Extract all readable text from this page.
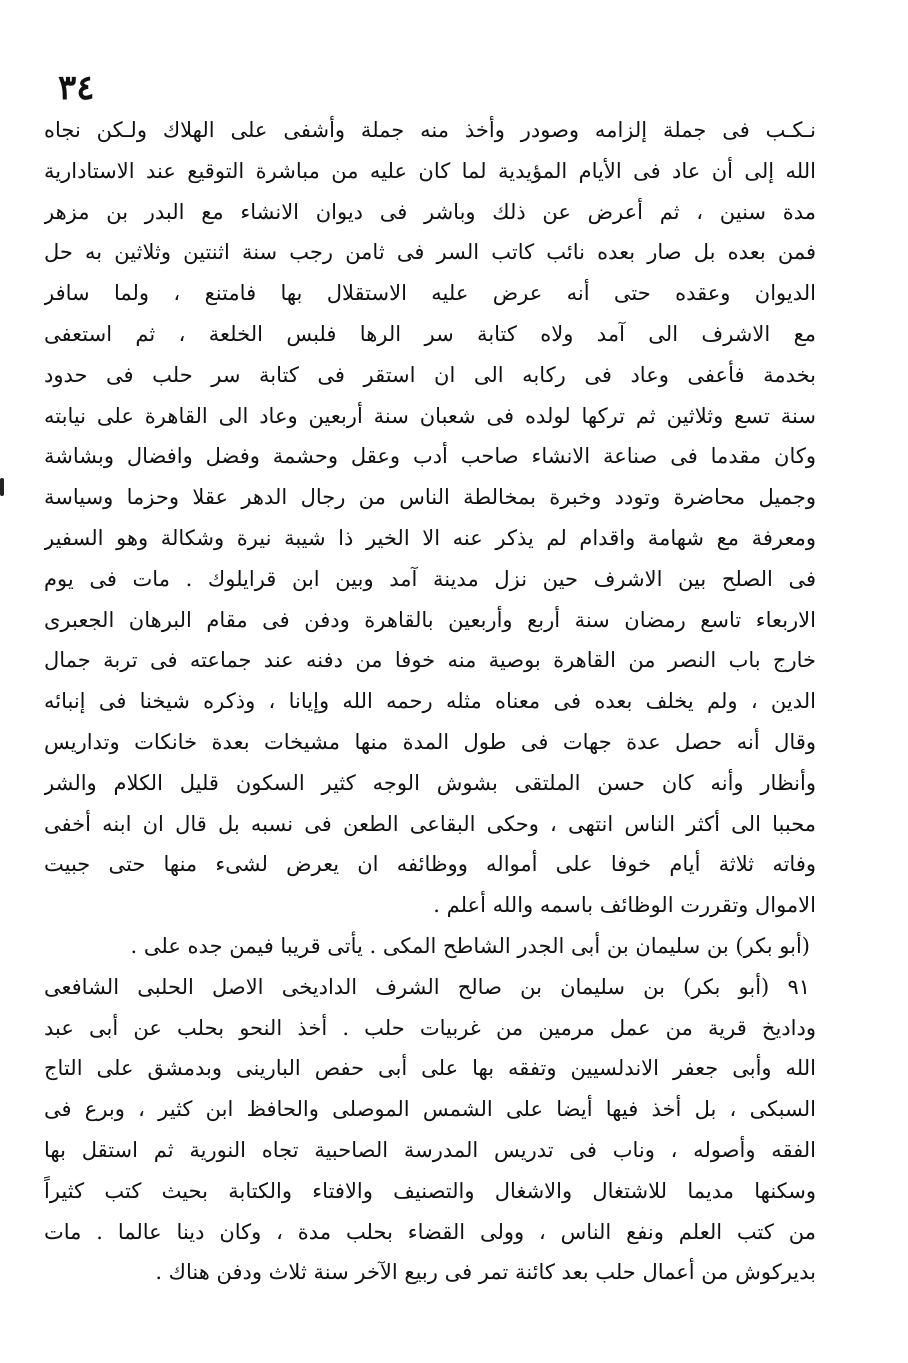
٣٤
نـكـب فى جملة إلزامه وصودر وأخذ منه جملة وأشفى على الهلاك ولـكن نجاه
الله إلى أن عاد فى الأيام المؤيدية لما كان عليه من مباشرة التوقيع عند الاستادارية
مدة سنين ، ثم أعرض عن ذلك وباشر فى ديوان الانشاء مع البدر بن مزهر
فمن بعده بل صار بعده نائب كاتب السر فى ثامن رجب سنة اثنتين وثلاثين به حل
الديوان وعقده حتى أنه عرض عليه الاستقلال بها فامتنع ، ولما سافر
مع الاشرف الى آمد ولاه كتابة سر الرها فلبس الخلعة ، ثم استعفى
بخدمة فأعفى وعاد فى ركابه الى ان استقر فى كتابة سر حلب فى حدود
سنة تسع وثلاثين ثم تركها لولده فى شعبان سنة أربعين وعاد الى القاهرة على نيابته
وكان مقدما فى صناعة الانشاء صاحب أدب وعقل وحشمة وفضل وافضال وبشاشة
وجميل محاضرة وتودد وخبرة بمخالطة الناس من رجال الدهر عقلا وحزما وسياسة
ومعرفة مع شهامة واقدام لم يذكر عنه الا الخير ذا شيبة نيرة وشكالة وهو السفير
فى الصلح بين الاشرف حين نزل مدينة آمد وبين ابن قرايلوك . مات فى يوم
الاربعاء تاسع رمضان سنة أربع وأربعين بالقاهرة ودفن فى مقام البرهان الجعبرى
خارج باب النصر من القاهرة بوصية منه خوفا من دفنه عند جماعته فى تربة جمال
الدين ، ولم يخلف بعده فى معناه مثله رحمه الله وإيانا ، وذكره شيخنا فى إنبائه
وقال أنه حصل عدة جهات فى طول المدة منها مشيخات بعدة خانكات وتداريس
وأنظار وأنه كان حسن الملتقى بشوش الوجه كثير السكون قليل الكلام والشر
محببا الى أكثر الناس انتهى ، وحكى البقاعى الطعن فى نسبه بل قال ان ابنه أخفى
وفاته ثلاثة أيام خوفا على أمواله ووظائفه ان يعرض لشىء منها حتى جبيت
الاموال وتقررت الوظائف باسمه والله أعلم .
(أبو بكر) بن سليمان بن أبى الجدر الشاطح المكى . يأتى قريبا فيمن جده على .
٩١ (أبو بكر) بن سليمان بن صالح الشرف الداديخى الاصل الحلبى الشافعى
وداديخ قرية من عمل مرمين من غربيات حلب . أخذ النحو بحلب عن أبى عبد
الله وأبى جعفر الاندلسيين وتفقه بها على أبى حفص البارينى وبدمشق على التاج
السبكى ، بل أخذ فيها أيضا على الشمس الموصلى والحافظ ابن كثير ، وبرع فى
الفقه وأصوله ، وناب فى تدريس المدرسة الصاحبية تجاه النورية ثم استقل بها
وسكنها مديما للاشتغال والاشغال والتصنيف والافتاء والكتابة بحيث كتب كثيراً
من كتب العلم ونفع الناس ، وولى القضاء بحلب مدة ، وكان دينا عالما . مات
بديركوش من أعمال حلب بعد كائنة تمر فى ربيع الآخر سنة ثلاث ودفن هناك .
